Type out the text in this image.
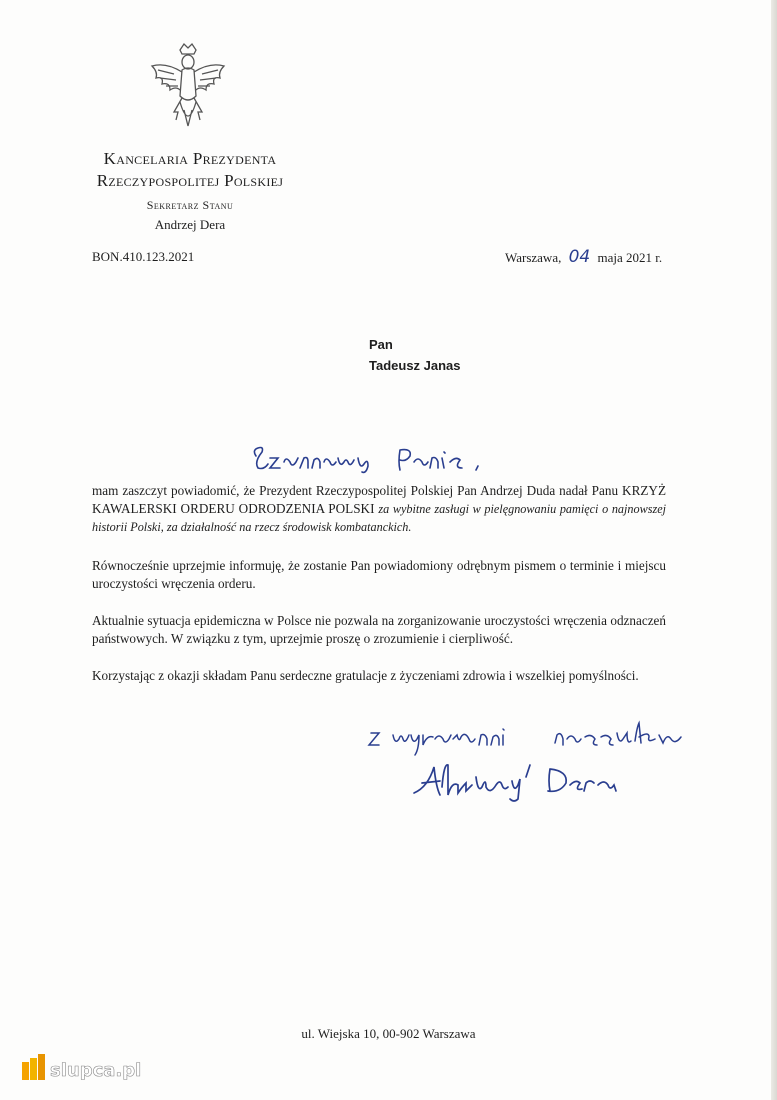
Kancelaria Prezydenta
Rzeczypospolitej Polskiej
Sekretarz Stanu
Andrzej Dera
BON.410.123.2021	Warszawa, 04 maja 2021 r.
Pan
Tadeusz Janas

mam zaszczyt powiadomić, że Prezydent Rzeczypospolitej Polskiej Pan Andrzej Duda nadał Panu KRZYŻ KAWALERSKI ORDERU ODRODZENIA POLSKI za wybitne zasługi w pielęgnowaniu pamięci o najnowszej historii Polski, za działalność na rzecz środowisk kombatanckich.

Równocześnie uprzejmie informuję, że zostanie Pan powiadomiony odrębnym pismem o terminie i miejscu uroczystości wręczenia orderu.

Aktualnie sytuacja epidemiczna w Polsce nie pozwala na zorganizowanie uroczystości wręczenia odznaczeń państwowych. W związku z tym, uprzejmie proszę o zrozumienie i cierpliwość.

Korzystając z okazji składam Panu serdeczne gratulacje z życzeniami zdrowia i wszelkiej pomyślności.

ul. Wiejska 10, 00-902 Warszawa
slupca.pl
